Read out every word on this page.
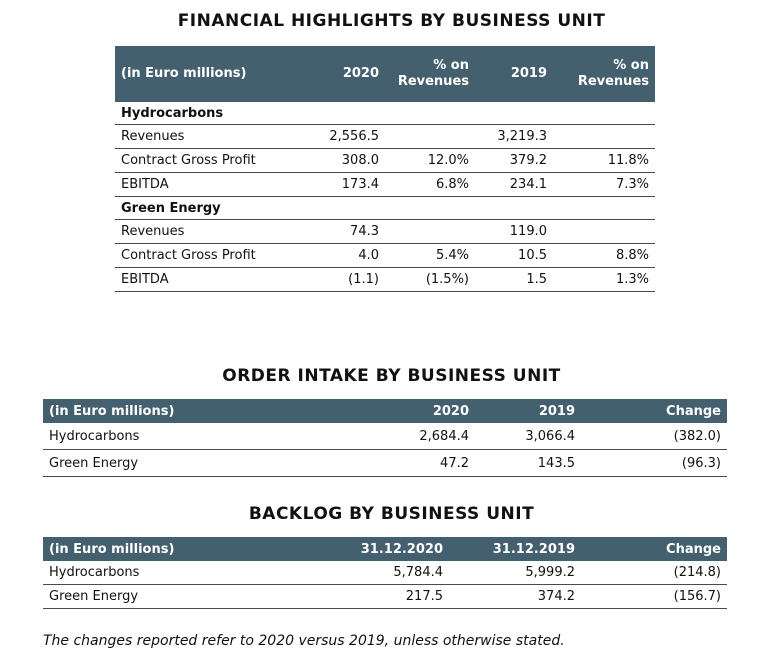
FINANCIAL HIGHLIGHTS BY BUSINESS UNIT
(in Euro millions)	2020	% on Revenues	2019	% on Revenues
Hydrocarbons				
Revenues	2,556.5		3,219.3	
Contract Gross Profit	308.0	12.0%	379.2	11.8%
EBITDA	173.4	6.8%	234.1	7.3%
Green Energy				
Revenues	74.3		119.0	
Contract Gross Profit	4.0	5.4%	10.5	8.8%
EBITDA	(1.1)	(1.5%)	1.5	1.3%
ORDER INTAKE BY BUSINESS UNIT
(in Euro millions)	2020	2019	Change
Hydrocarbons	2,684.4	3,066.4	(382.0)
Green Energy	47.2	143.5	(96.3)
BACKLOG BY BUSINESS UNIT
(in Euro millions)	31.12.2020	31.12.2019	Change
Hydrocarbons	5,784.4	5,999.2	(214.8)
Green Energy	217.5	374.2	(156.7)
The changes reported refer to 2020 versus 2019, unless otherwise stated.
